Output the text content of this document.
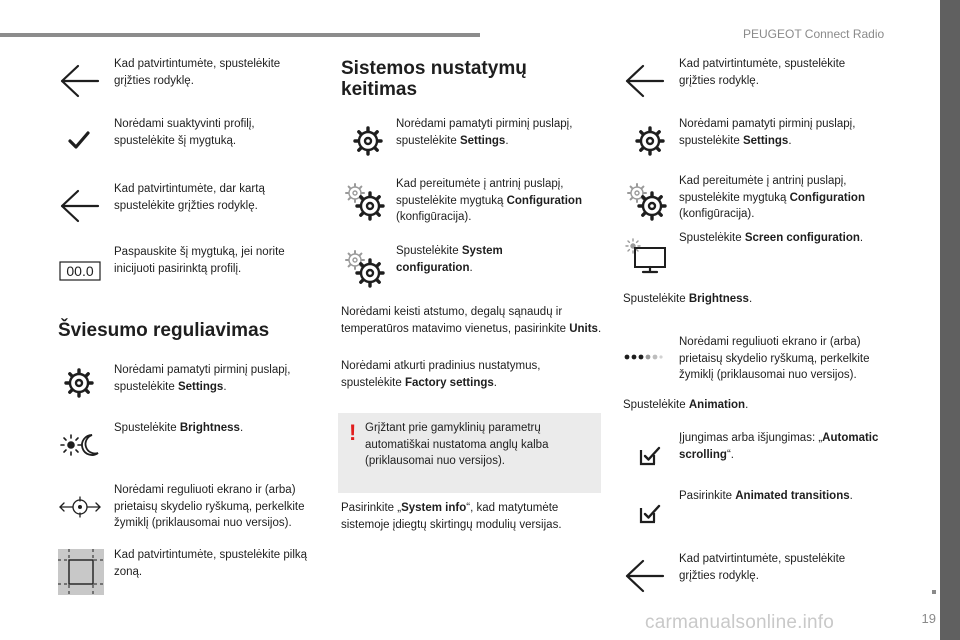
PEUGEOT Connect Radio
19
carmanualsonline.info
Kad patvirtintumėte, spustelėkite grįžties rodyklę.
Norėdami suaktyvinti profilį, spustelėkite šį mygtuką.
Kad patvirtintumėte, dar kartą spustelėkite grįžties rodyklę.
00.0
Paspauskite šį mygtuką, jei norite inicijuoti pasirinktą profilį.
Šviesumo reguliavimas
Norėdami pamatyti pirminį puslapį, spustelėkite Settings.
Spustelėkite Brightness.
Norėdami reguliuoti ekrano ir (arba) prietaisų skydelio ryškumą, perkelkite žymiklį (priklausomai nuo versijos).
Kad patvirtintumėte, spustelėkite pilką zoną.
Sistemos nustatymų keitimas
Norėdami pamatyti pirminį puslapį, spustelėkite Settings.
Kad pereitumėte į antrinį puslapį, spustelėkite mygtuką Configuration (konfigūracija).
Spustelėkite System configuration.
Norėdami keisti atstumo, degalų sąnaudų ir temperatūros matavimo vienetus, pasirinkite Units.
Norėdami atkurti pradinius nustatymus, spustelėkite Factory settings.
! Grįžtant prie gamyklinių parametrų automatiškai nustatoma anglų kalba (priklausomai nuo versijos).
Pasirinkite „System info“, kad matytumėte sistemoje įdiegtų skirtingų modulių versijas.
Kad patvirtintumėte, spustelėkite grįžties rodyklę.
Norėdami pamatyti pirminį puslapį, spustelėkite Settings.
Kad pereitumėte į antrinį puslapį, spustelėkite mygtuką Configuration (konfigūracija).
Spustelėkite Screen configuration.
Spustelėkite Brightness.
Norėdami reguliuoti ekrano ir (arba) prietaisų skydelio ryškumą, perkelkite žymiklį (priklausomai nuo versijos).
Spustelėkite Animation.
Įjungimas arba išjungimas: „Automatic scrolling“.
Pasirinkite Animated transitions.
Kad patvirtintumėte, spustelėkite grįžties rodyklę.
